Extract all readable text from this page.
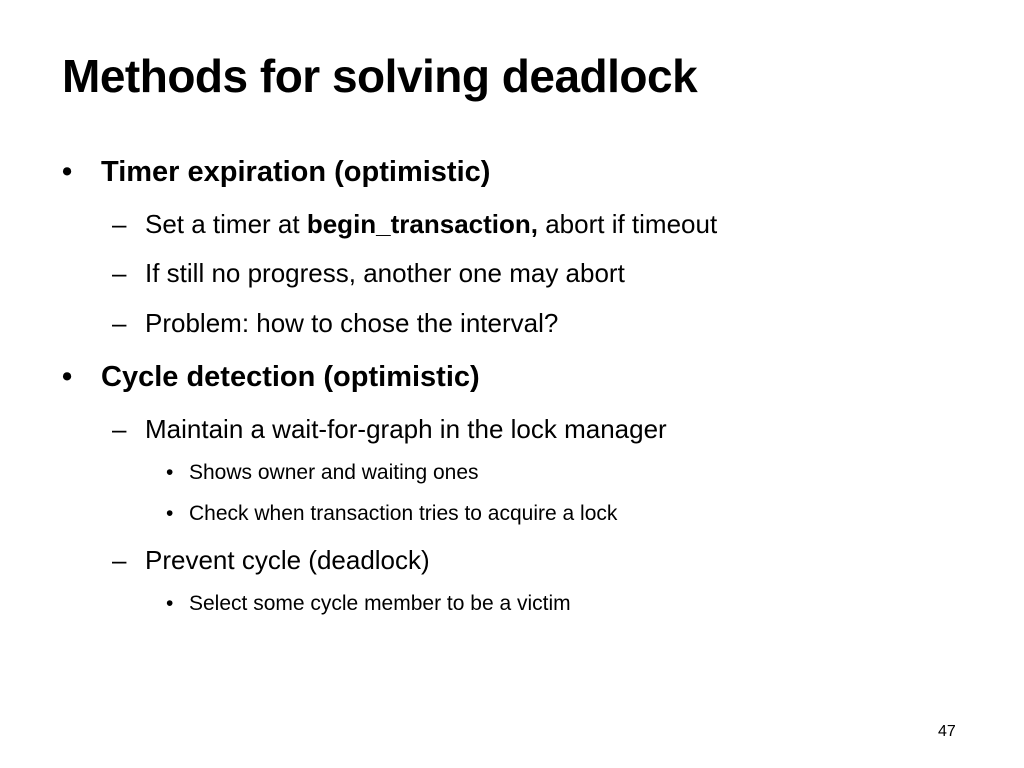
Methods for solving deadlock
• Timer expiration (optimistic)
– Set a timer at begin_transaction, abort if timeout
– If still no progress, another one may abort
– Problem: how to chose the interval?
• Cycle detection (optimistic)
– Maintain a wait-for-graph in the lock manager
• Shows owner and waiting ones
• Check when transaction tries to acquire a lock
– Prevent cycle (deadlock)
• Select some cycle member to be a victim
47
